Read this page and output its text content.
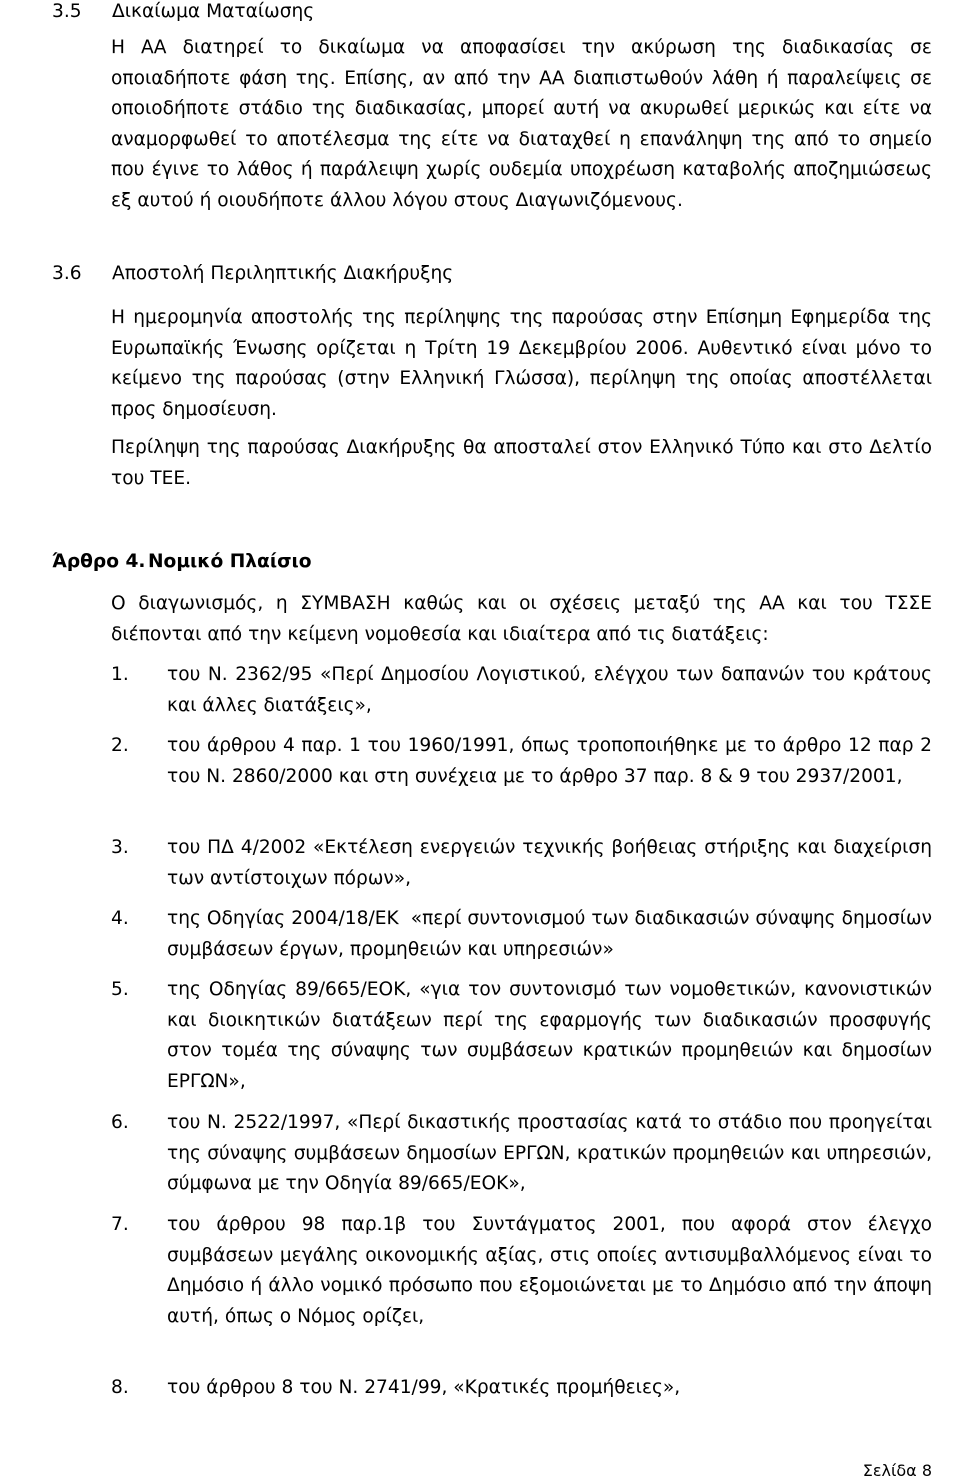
3.5 Δικαίωμα Ματαίωσης
Η ΑΑ διατηρεί το δικαίωμα να αποφασίσει την ακύρωση της διαδικασίας σε οποιαδήποτε φάση της. Επίσης, αν από την ΑΑ διαπιστωθούν λάθη ή παραλείψεις σε οποιοδήποτε στάδιο της διαδικασίας, μπορεί αυτή να ακυρωθεί μερικώς και είτε να αναμορφωθεί το αποτέλεσμα της είτε να διαταχθεί η επανάληψη της από το σημείο που έγινε το λάθος ή παράλειψη χωρίς ουδεμία υποχρέωση καταβολής αποζημιώσεως εξ αυτού ή οιουδήποτε άλλου λόγου στους Διαγωνιζόμενους.
3.6 Αποστολή Περιληπτικής Διακήρυξης
Η ημερομηνία αποστολής της περίληψης της παρούσας στην Επίσημη Εφημερίδα της Ευρωπαϊκής Ένωσης ορίζεται η Τρίτη 19 Δεκεμβρίου 2006. Αυθεντικό είναι μόνο το κείμενο της παρούσας (στην Ελληνική Γλώσσα), περίληψη της οποίας αποστέλλεται προς δημοσίευση.
Περίληψη της παρούσας Διακήρυξης θα αποσταλεί στον Ελληνικό Τύπο και στο Δελτίο του ΤΕΕ.
Άρθρο 4. Νομικό Πλαίσιο
Ο διαγωνισμός, η ΣΥΜΒΑΣΗ καθώς και οι σχέσεις μεταξύ της ΑΑ και του ΤΣΣΕ διέπονται από την κείμενη νομοθεσία και ιδιαίτερα από τις διατάξεις:
1. του Ν. 2362/95 «Περί Δημοσίου Λογιστικού, ελέγχου των δαπανών του κράτους και άλλες διατάξεις»,
2. του άρθρου 4 παρ. 1 του 1960/1991, όπως τροποποιήθηκε με το άρθρο 12 παρ 2 του Ν. 2860/2000 και στη συνέχεια με το άρθρο 37 παρ. 8 & 9 του 2937/2001,
3. του ΠΔ 4/2002 «Εκτέλεση ενεργειών τεχνικής βοήθειας στήριξης και διαχείριση των αντίστοιχων πόρων»,
4. της Οδηγίας 2004/18/ΕΚ  «περί συντονισμού των διαδικασιών σύναψης δημοσίων συμβάσεων έργων, προμηθειών και υπηρεσιών»
5. της Οδηγίας 89/665/ΕΟΚ, «για τον συντονισμό των νομοθετικών, κανονιστικών και διοικητικών διατάξεων περί της εφαρμογής των διαδικασιών προσφυγής στον τομέα της σύναψης των συμβάσεων κρατικών προμηθειών και δημοσίων ΕΡΓΩΝ»,
6. του Ν. 2522/1997, «Περί δικαστικής προστασίας κατά το στάδιο που προηγείται της σύναψης συμβάσεων δημοσίων ΕΡΓΩΝ, κρατικών προμηθειών και υπηρεσιών, σύμφωνα με την Οδηγία 89/665/ΕΟΚ»,
7. του άρθρου 98 παρ.1β του Συντάγματος 2001, που αφορά στον έλεγχο συμβάσεων μεγάλης οικονομικής αξίας, στις οποίες αντισυμβαλλόμενος είναι το Δημόσιο ή άλλο νομικό πρόσωπο που εξομοιώνεται με το Δημόσιο από την άποψη αυτή, όπως ο Νόμος ορίζει,
8. του άρθρου 8 του Ν. 2741/99, «Κρατικές προμήθειες»,
Σελίδα 8
